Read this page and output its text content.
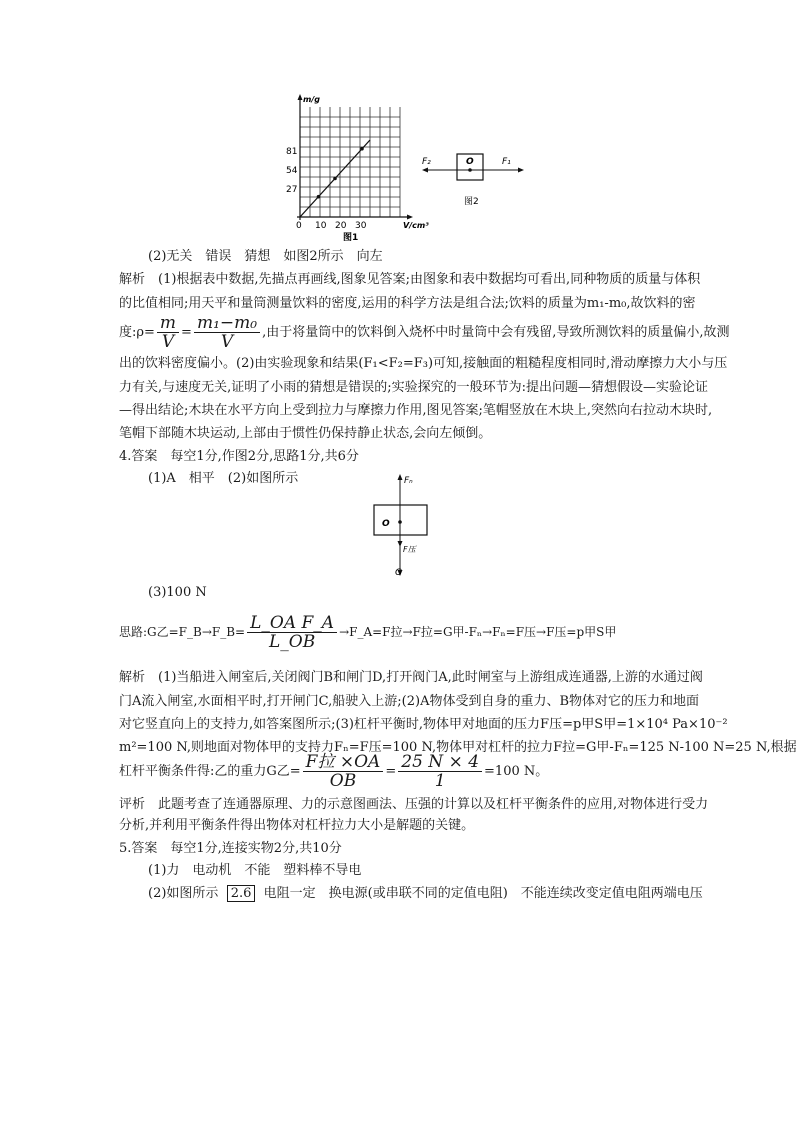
m/g
81
54
27
0 10 20 30	V/cm³
图1
F₂	F₁
O
图2
(2)无关　错误　猜想　如图2所示　向左
解析　(1)根据表中数据,先描点再画线,图象见答案;由图象和表中数据均可看出,同种物质的质量与体积
的比值相同;用天平和量筒测量饮料的密度,运用的科学方法是组合法;饮料的质量为m₁-m₀,故饮料的密
度:ρ= $\frac{m}{V} = \frac{\text{m₁−m₀}}{V}$ ,由于将量筒中的饮料倒入烧杯中时量筒中会有残留,导致所测饮料的质量偏小,故测
出的饮料密度偏小。(2)由实验现象和结果(F₁<F₂=F₃)可知,接触面的粗糙程度相同时,滑动摩擦力大小与压
力有关,与速度无关,证明了小雨的猜想是错误的;实验探究的一般环节为:提出问题—猜想假设—实验论证
—得出结论;木块在水平方向上受到拉力与摩擦力作用,图见答案;笔帽竖放在木块上,突然向右拉动木块时,
笔帽下部随木块运动,上部由于惯性仍保持静止状态,会向左倾倒。
4.答案　每空1分,作图2分,思路1分,共6分
(1)A　相平　(2)如图所示	Fₙ
O
F压
G
(3)100 N
思路:G乙=F_B→F_B= $\frac{\text{L\_OA F\_A}}{L\_OB}$ →F_A=F拉→F拉=G甲-Fₙ→Fₙ=F压→F压=p甲S甲
解析　(1)当船进入闸室后,关闭阀门B和闸门D,打开阀门A,此时闸室与上游组成连通器,上游的水通过阀
门A流入闸室,水面相平时,打开闸门C,船驶入上游;(2)A物体受到自身的重力、B物体对它的压力和地面
对它竖直向上的支持力,如答案图所示;(3)杠杆平衡时,物体甲对地面的压力F压=p甲S甲=1×10⁴ Pa×10⁻²
m²=100 N,则地面对物体甲的支持力Fₙ=F压=100 N,物体甲对杠杆的拉力F拉=G甲-Fₙ=125 N-100 N=25 N,根据
杠杆平衡条件得:乙的重力G乙= $\frac{\text{F拉 ×OA}}{OB} = \frac{25 N \times 4}{1} =100$ N。
评析　此题考查了连通器原理、力的示意图画法、压强的计算以及杠杆平衡条件的应用,对物体进行受力
分析,并利用平衡条件得出物体对杠杆拉力大小是解题的关键。
5.答案　每空1分,连接实物2分,共10分
(1)力　电动机　不能　塑料棒不导电
(2)如图所示 2.6 电阻一定　换电源(或串联不同的定值电阻)　不能连续改变定值电阻两端电压
